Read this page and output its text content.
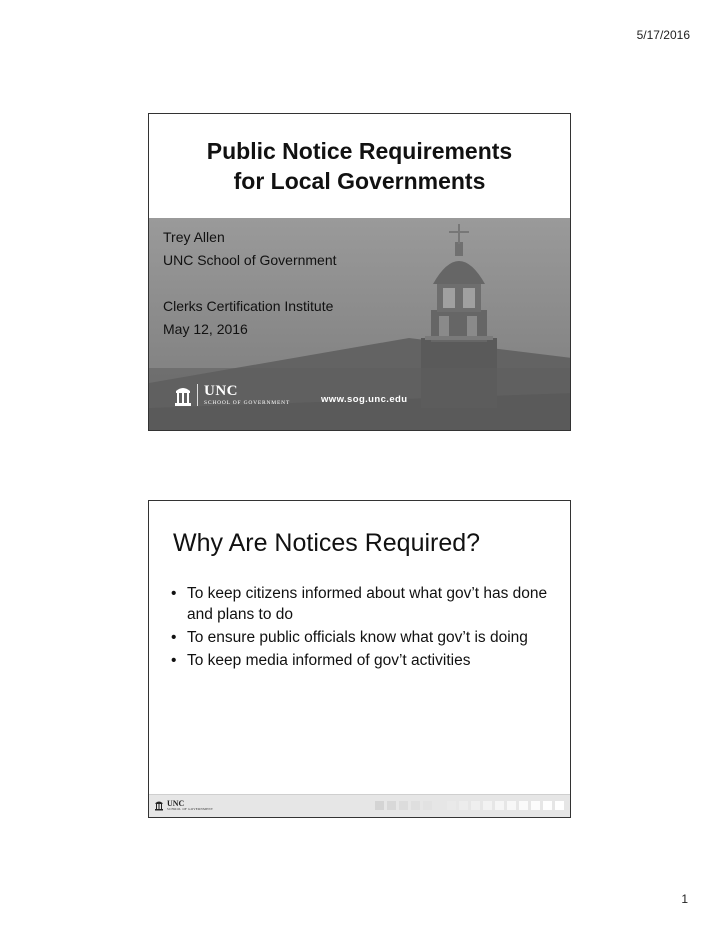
5/17/2016
Public Notice Requirements
for Local Governments
Trey Allen
UNC School of Government
Clerks Certification Institute
May 12, 2016
UNC
SCHOOL OF GOVERNMENT	www.sog.unc.edu
Why Are Notices Required?
• To keep citizens informed about what gov’t has done and plans to do
• To ensure public officials know what gov’t is doing
• To keep media informed of gov’t activities
UNC
SCHOOL OF GOVERNMENT
1
